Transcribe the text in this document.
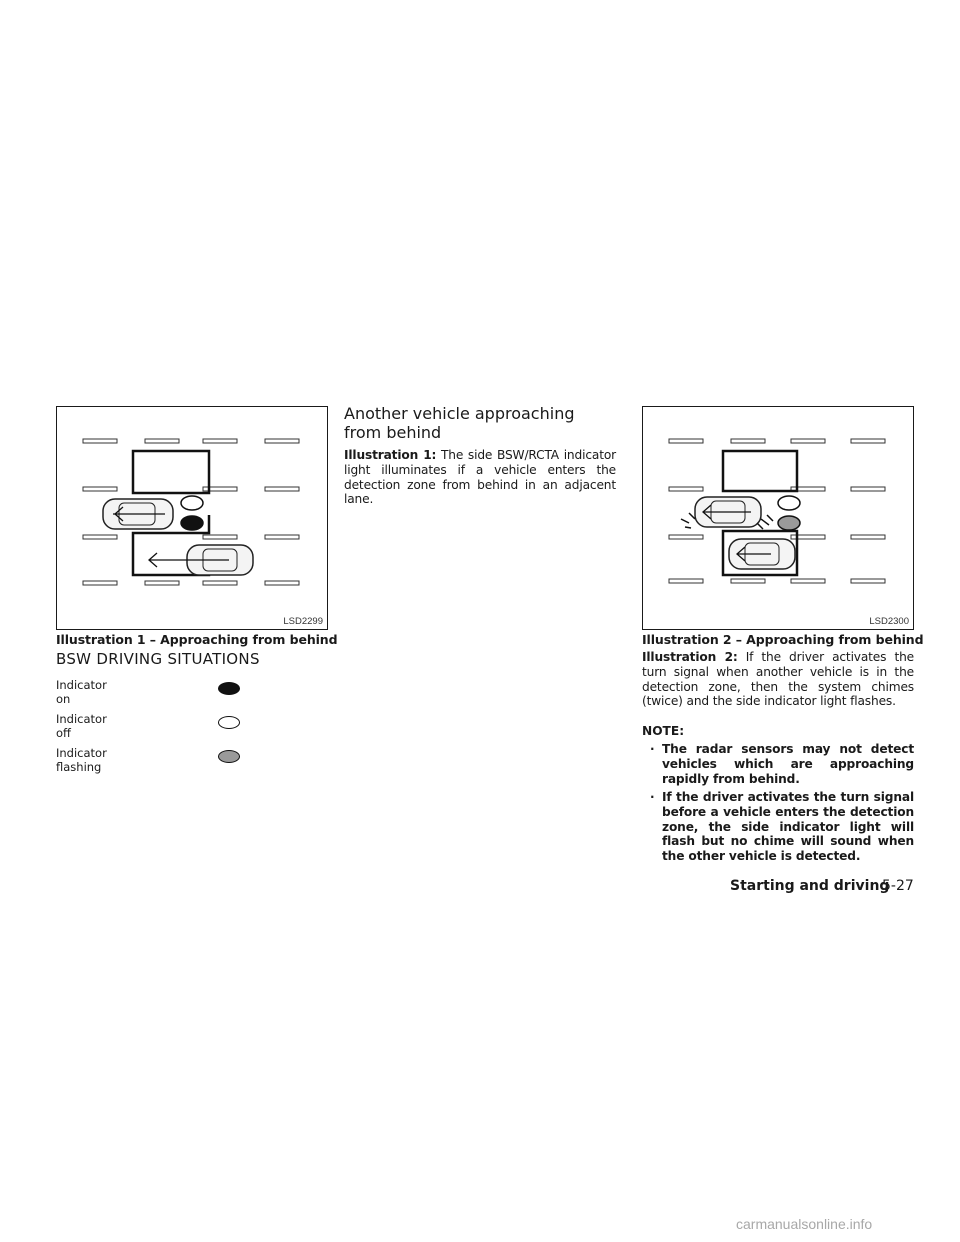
LSD2299
Illustration 1 – Approaching from behind
BSW DRIVING SITUATIONS
Indicator on
Indicator off
Indicator flashing
Another vehicle approaching from behind
Illustration 1: The side BSW/RCTA indicator light illuminates if a vehicle enters the detection zone from behind in an adjacent lane.
LSD2300
Illustration 2 – Approaching from behind
Illustration 2: If the driver activates the turn signal when another vehicle is in the detection zone, then the system chimes (twice) and the side indicator light flashes.
NOTE:
· The radar sensors may not detect vehicles which are approaching rapidly from behind.
· If the driver activates the turn signal before a vehicle enters the detection zone, the side indicator light will flash but no chime will sound when the other vehicle is detected.
Starting and driving
5-27
carmanualsonline.info
